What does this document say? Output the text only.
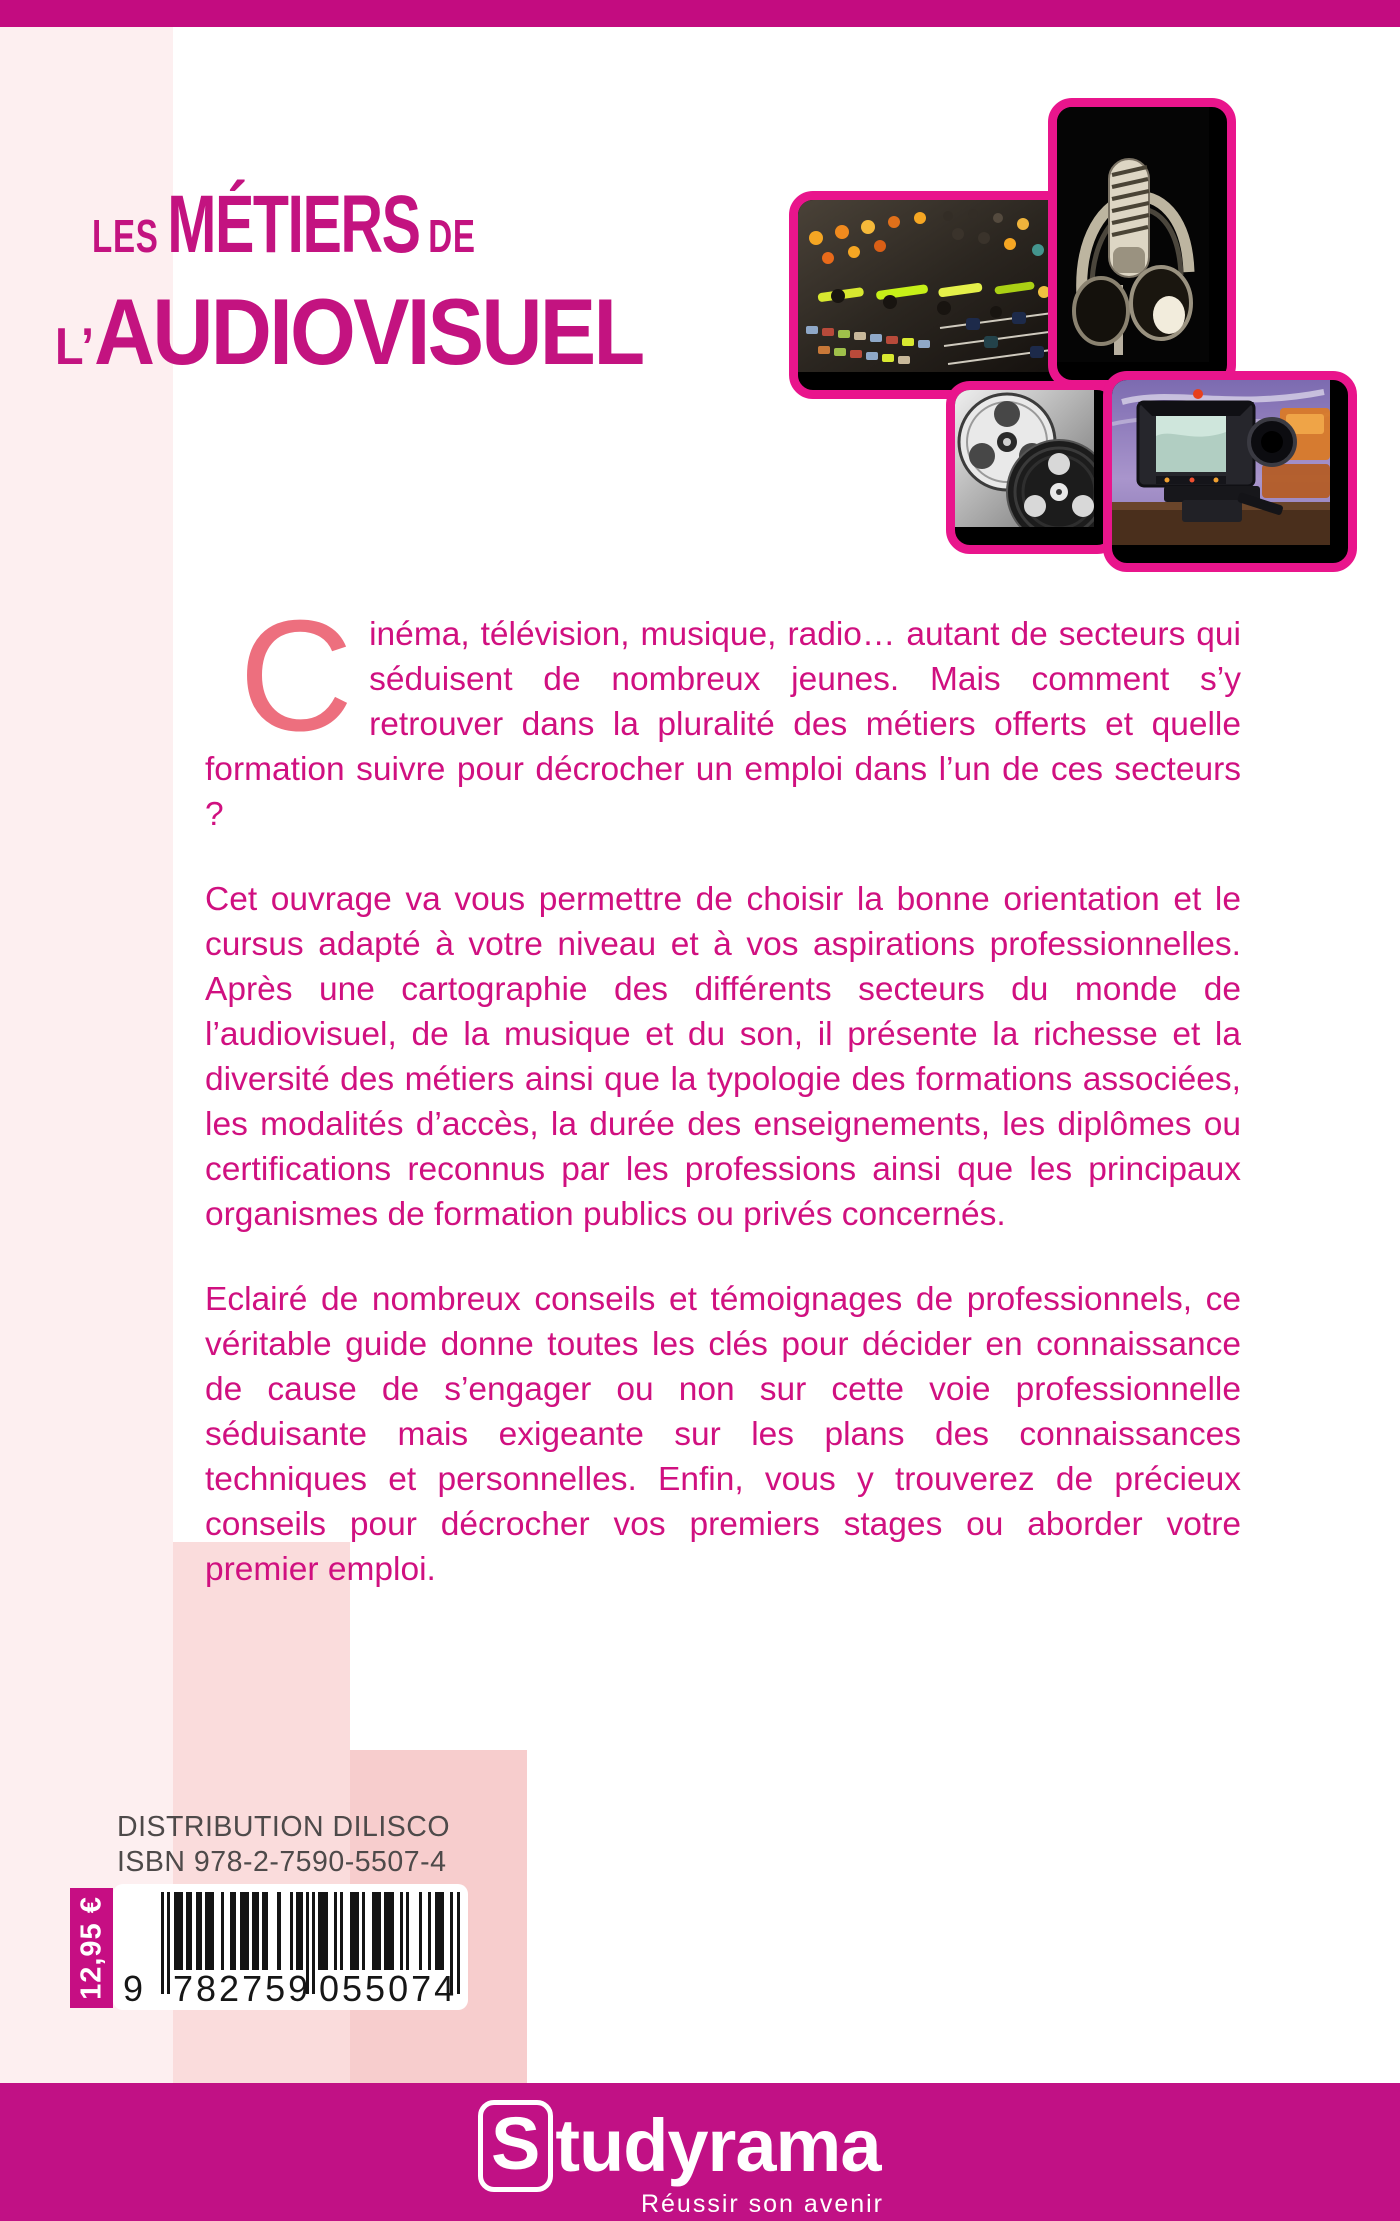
LES MÉTIERS DE
L’ AUDIOVISUEL

Cinéma, télévision, musique, radio… autant de secteurs qui séduisent de nombreux jeunes. Mais comment s’y retrouver dans la pluralité des métiers offerts et quelle formation suivre pour décrocher un emploi dans l’un de ces secteurs ?

Cet ouvrage va vous permettre de choisir la bonne orientation et le cursus adapté à votre niveau et à vos aspirations professionnelles. Après une cartographie des différents secteurs du monde de l’audiovisuel, de la musique et du son, il présente la richesse et la diversité des métiers ainsi que la typologie des formations associées, les modalités d’accès, la durée des enseignements, les diplômes ou certifications reconnus par les professions ainsi que les principaux organismes de formation publics ou privés concernés.

Eclairé de nombreux conseils et témoignages de professionnels, ce véritable guide donne toutes les clés pour décider en connaissance de cause de s’engager ou non sur cette voie professionnelle séduisante mais exigeante sur les plans des connaissances techniques et personnelles. Enfin, vous y trouverez de précieux conseils pour décrocher vos premiers stages ou aborder votre premier emploi.

DISTRIBUTION DILISCO
ISBN 978-2-7590-5507-4
9 782759 055074
12,95 €
S tudyrama
Réussir son avenir
